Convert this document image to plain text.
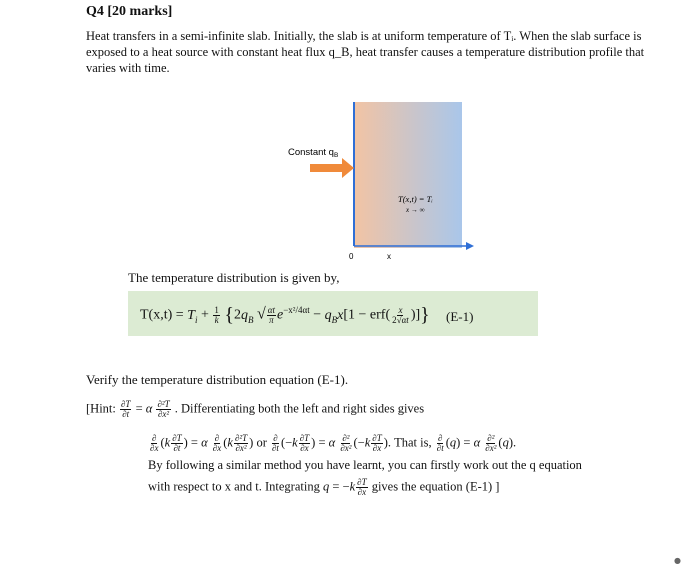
Q4 [20 marks]
Heat transfers in a semi-infinite slab. Initially, the slab is at uniform temperature of Tᵢ. When the slab surface is exposed to a heat source with constant heat flux q_B, heat transfer causes a temperature distribution profile that varies with time.
Constant $q_B$
T(x,t) = Tᵢ
x → ∞
0	x
The temperature distribution is given by,
$T(x,t) = T_i + \frac{1}{k} \{2q_B$ √ $\frac{\alpha t}{\pi} e^{-x^2/4\alpha t} - q_Bx[1 - erf( \frac{x}{2√\alpha t}$ )]} (E-1)
Verify the temperature distribution equation (E-1).
[Hint: $\frac{\partial T}{\partial t} = \alpha \frac{\text{∂²T}}{\text{∂x²}}$ . Differentiating both the left and right sides gives
$\frac{\partial}{\partial x} (k \frac{\partial T}{\partial t}$ ) = α $\frac{\partial}{\partial x} (k \frac{\text{∂²T}}{\text{∂x²}}$ ) or $\frac{\partial}{\partial t} (-k \frac{\partial T}{\partial x}$ ) = α $\frac{\text{∂²}}{\text{∂x²}} (-k \frac{\partial T}{\partial x}$ ). That is, $\frac{\partial}{\partial t} (q) = \alpha \frac{\text{∂²}}{\text{∂x²}} (q)$.
By following a similar method you have learnt, you can firstly work out the q equation
with respect to x and t. Integrating $q = -k \frac{\partial T}{\partial x}$ gives the equation (E-1) ]
●
